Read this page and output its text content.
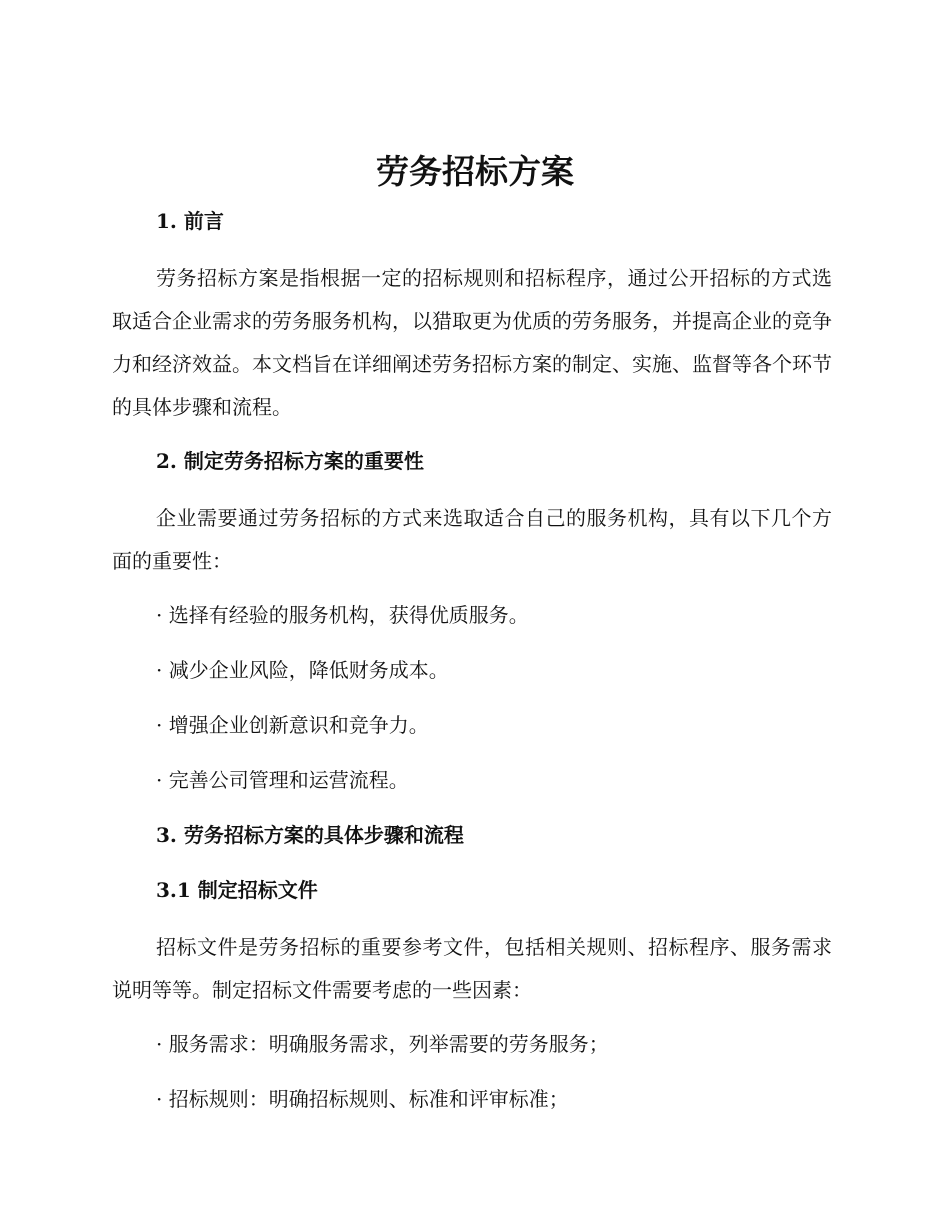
劳务招标方案

1. 前言

劳务招标方案是指根据一定的招标规则和招标程序，通过公开招标的方式选取适合企业需求的劳务服务机构，以猎取更为优质的劳务服务，并提高企业的竞争力和经济效益。本文档旨在详细阐述劳务招标方案的制定、实施、监督等各个环节的具体步骤和流程。

2. 制定劳务招标方案的重要性

企业需要通过劳务招标的方式来选取适合自己的服务机构，具有以下几个方面的重要性：

· 选择有经验的服务机构，获得优质服务。

· 减少企业风险，降低财务成本。

· 增强企业创新意识和竞争力。

· 完善公司管理和运营流程。

3. 劳务招标方案的具体步骤和流程

3.1 制定招标文件

招标文件是劳务招标的重要参考文件，包括相关规则、招标程序、服务需求说明等等。制定招标文件需要考虑的一些因素：

· 服务需求：明确服务需求，列举需要的劳务服务；

· 招标规则：明确招标规则、标准和评审标准；
